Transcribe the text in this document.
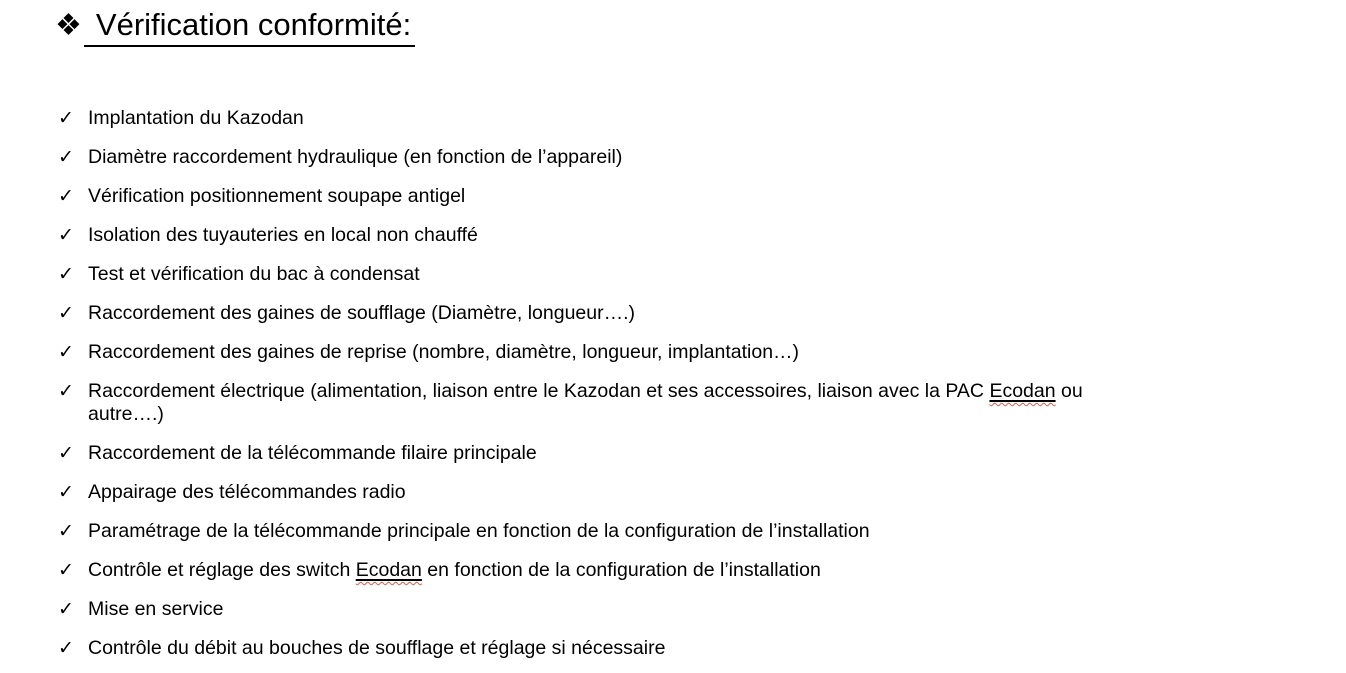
❖ Vérification conformité:
✓ Implantation du Kazodan
✓ Diamètre raccordement hydraulique (en fonction de l’appareil)
✓ Vérification positionnement soupape antigel
✓ Isolation des tuyauteries en local non chauffé
✓ Test et vérification du bac à condensat
✓ Raccordement des gaines de soufflage (Diamètre, longueur….)
✓ Raccordement des gaines de reprise (nombre, diamètre, longueur, implantation…)
✓ Raccordement électrique (alimentation, liaison entre le Kazodan et ses accessoires, liaison avec la PAC Ecodan ou
autre….)
✓ Raccordement de la télécommande filaire principale
✓ Appairage des télécommandes radio
✓ Paramétrage de la télécommande principale en fonction de la configuration de l’installation
✓ Contrôle et réglage des switch Ecodan en fonction de la configuration de l’installation
✓ Mise en service
✓ Contrôle du débit au bouches de soufflage et réglage si nécessaire
